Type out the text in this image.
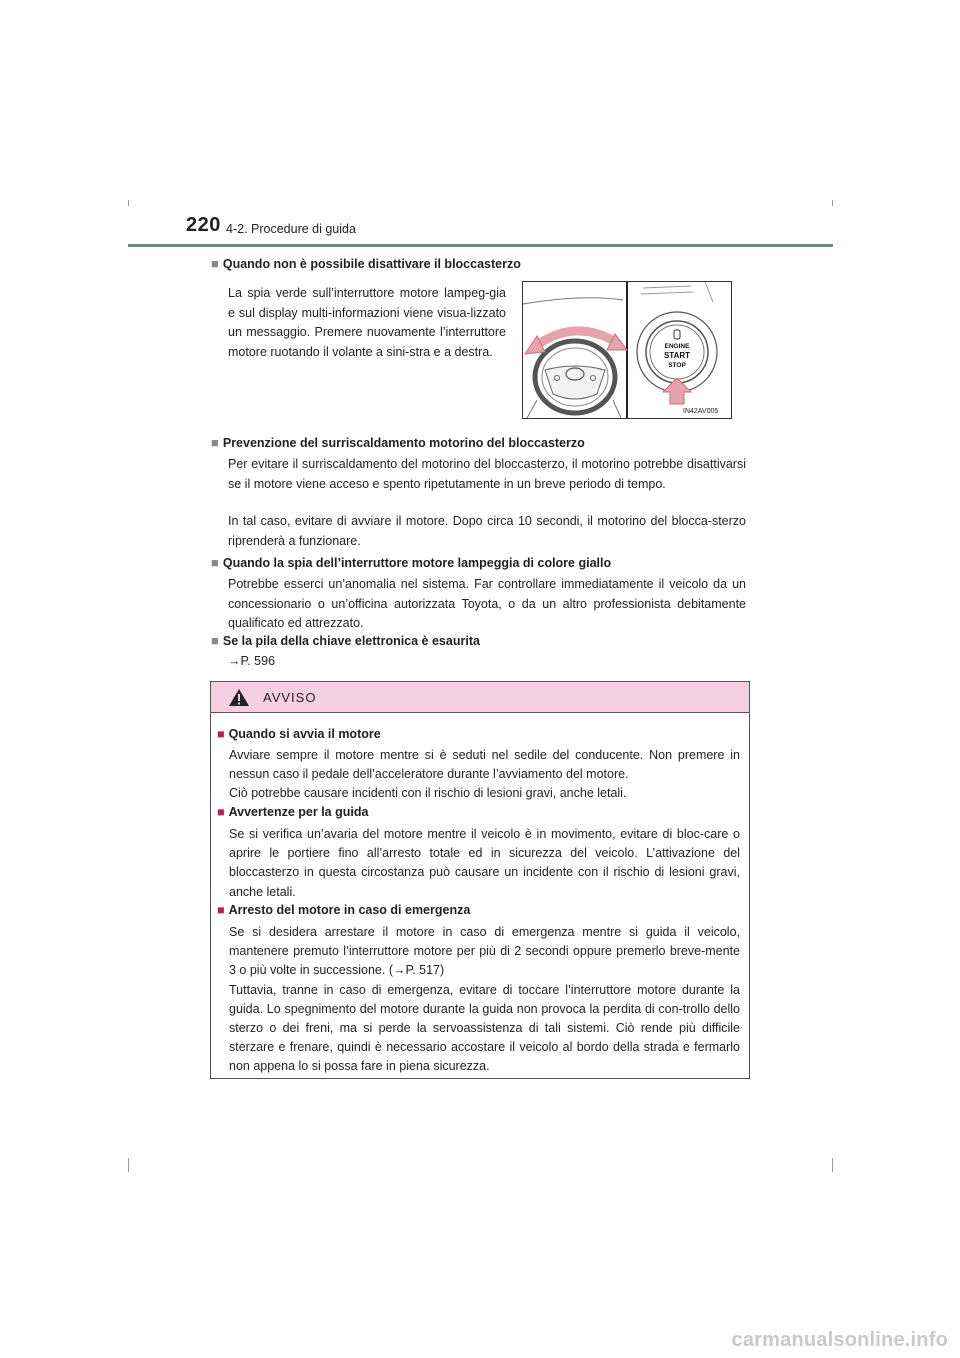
220 4-2. Procedure di guida
■ Quando non è possibile disattivare il bloccasterzo

La spia verde sull’interruttore motore lampeg-gia e sul display multi-informazioni viene visua-lizzato un messaggio. Premere nuovamente l’interruttore motore ruotando il volante a sini-stra e a destra.	ENGINE
START
STOP
IN42AV005
■ Prevenzione del surriscaldamento motorino del bloccasterzo

Per evitare il surriscaldamento del motorino del bloccasterzo, il motorino potrebbe disattivarsi se il motore viene acceso e spento ripetutamente in un breve periodo di tempo.

In tal caso, evitare di avviare il motore. Dopo circa 10 secondi, il motorino del blocca-sterzo riprenderà a funzionare.

■ Quando la spia dell’interruttore motore lampeggia di colore giallo

Potrebbe esserci un’anomalia nel sistema. Far controllare immediatamente il veicolo da un concessionario o un’officina autorizzata Toyota, o da un altro professionista debitamente qualificato ed attrezzato.

■ Se la pila della chiave elettronica è esaurita
→P. 596
AVVISO
■ Quando si avvia il motore

Avviare sempre il motore mentre si è seduti nel sedile del conducente. Non premere in nessun caso il pedale dell’acceleratore durante l’avviamento del motore.
Ciò potrebbe causare incidenti con il rischio di lesioni gravi, anche letali.

■ Avvertenze per la guida

Se si verifica un’avaria del motore mentre il veicolo è in movimento, evitare di bloc-care o aprire le portiere fino all’arresto totale ed in sicurezza del veicolo. L’attivazione del bloccasterzo in questa circostanza può causare un incidente con il rischio di lesioni gravi, anche letali.

■ Arresto del motore in caso di emergenza

Se si desidera arrestare il motore in caso di emergenza mentre si guida il veicolo, mantenere premuto l’interruttore motore per più di 2 secondi oppure premerlo breve-mente 3 o più volte in successione. (→P. 517)
Tuttavia, tranne in caso di emergenza, evitare di toccare l’interruttore motore durante la guida. Lo spegnimento del motore durante la guida non provoca la perdita di con-trollo dello sterzo o dei freni, ma si perde la servoassistenza di tali sistemi. Ciò rende più difficile sterzare e frenare, quindi è necessario accostare il veicolo al bordo della strada e fermarlo non appena lo si possa fare in piena sicurezza.

carmanualsonline.info
